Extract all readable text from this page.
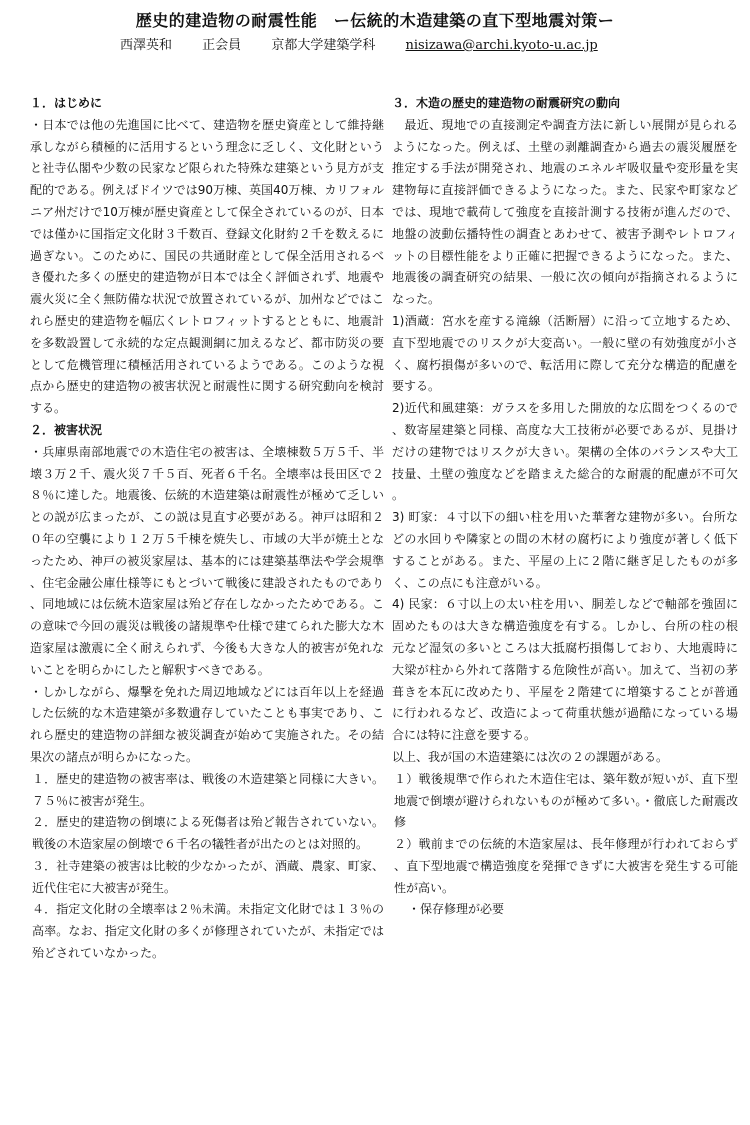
歴史的建造物の耐震性能　ー伝統的木造建築の直下型地震対策ー
西澤英和 正会員 京都大学建築学科 nisizawa@archi.kyoto-u.ac.jp
１．はじめに

・日本では他の先進国に比べて、建造物を歴史資産として維持継承しながら積極的に活用するという理念に乏しく、文化財というと社寺仏閣や少数の民家など限られた特殊な建築という見方が支配的である。例えばドイツでは90万棟、英国40万棟、カリフォルニア州だけで10万棟が歴史資産として保全されているのが、日本では僅かに国指定文化財３千数百、登録文化財約２千を数えるに過ぎない。このために、国民の共通財産として保全活用されるべき優れた多くの歴史的建造物が日本では全く評価されず、地震や震火災に全く無防備な状況で放置されているが、加州などではこれら歴史的建造物を幅広くレトロフィットするとともに、地震計を多数設置して永続的な定点観測網に加えるなど、都市防災の要として危機管理に積極活用されているようである。このような視点から歴史的建造物の被害状況と耐震性に関する研究動向を検討する。

２．被害状況

・兵庫県南部地震での木造住宅の被害は、全壊棟数５万５千、半壊３万２千、震火災７千５百、死者６千名。全壊率は長田区で２８％に達した。地震後、伝統的木造建築は耐震性が極めて乏しいとの説が広まったが、この説は見直す必要がある。神戸は昭和２０年の空襲により１２万５千棟を焼失し、市域の大半が焼土となったため、神戸の被災家屋は、基本的には建築基準法や学会規準、住宅金融公庫仕様等にもとづいて戦後に建設されたものであり、同地域には伝統木造家屋は殆ど存在しなかったためである。この意味で今回の震災は戦後の諸規準や仕様で建てられた膨大な木造家屋は激震に全く耐えられず、今後も大きな人的被害が免れないことを明らかにしたと解釈すべきである。

・しかしながら、爆撃を免れた周辺地域などには百年以上を経過した伝統的な木造建築が多数遺存していたことも事実であり、これら歴史的建造物の詳細な被災調査が始めて実施された。その結果次の諸点が明らかになった。

１．歴史的建造物の被害率は、戦後の木造建築と同様に大きい。７５％に被害が発生。

２．歴史的建造物の倒壊による死傷者は殆ど報告されていない。戦後の木造家屋の倒壊で６千名の犠牲者が出たのとは対照的。

３．社寺建築の被害は比較的少なかったが、酒蔵、農家、町家、近代住宅に大被害が発生。

４．指定文化財の全壊率は２％未満。未指定文化財では１３％の高率。なお、指定文化財の多くが修理されていたが、未指定では殆どされていなかった。

３．木造の歴史的建造物の耐震研究の動向

　最近、現地での直接測定や調査方法に新しい展開が見られるようになった。例えば、土壁の剥離調査から過去の震災履歴を推定する手法が開発され、地震のエネルギ吸収量や変形量を実建物毎に直接評価できるようになった。また、民家や町家などでは、現地で載荷して強度を直接計測する技術が進んだので、地盤の波動伝播特性の調査とあわせて、被害予測やレトロフィットの目標性能をより正確に把握できるようになった。また、地震後の調査研究の結果、一般に次の傾向が指摘されるようになった。

1)酒蔵：宮水を産する滝線（活断層）に沿って立地するため、直下型地震でのリスクが大変高い。一般に壁の有効強度が小さく、腐朽損傷が多いので、転活用に際して充分な構造的配慮を要する。

2)近代和風建築：ガラスを多用した開放的な広間をつくるので、数寄屋建築と同様、高度な大工技術が必要であるが、見掛けだけの建物ではリスクが大きい。架構の全体のバランスや大工技量、土壁の強度などを踏まえた総合的な耐震的配慮が不可欠。

3) 町家：４寸以下の細い柱を用いた華奢な建物が多い。台所などの水回りや隣家との間の木材の腐朽により強度が著しく低下することがある。また、平屋の上に２階に継ぎ足したものが多く、この点にも注意がいる。

4) 民家：６寸以上の太い柱を用い、胴差しなどで軸部を強固に固めたものは大きな構造強度を有する。しかし、台所の柱の根元など湿気の多いところは大抵腐朽損傷しており、大地震時に大梁が柱から外れて落階する危険性が高い。加えて、当初の茅葺きを本瓦に改めたり、平屋を２階建てに増築することが普通に行われるなど、改造によって荷重状態が過酷になっている場合には特に注意を要する。

以上、我が国の木造建築には次の２の課題がある。

１）戦後規準で作られた木造住宅は、築年数が短いが、直下型地震で倒壊が避けられないものが極めて多い。・徹底した耐震改修

２）戦前までの伝統的木造家屋は、長年修理が行われておらず、直下型地震で構造強度を発揮できずに大被害を発生する可能性が高い。

・保存修理が必要
